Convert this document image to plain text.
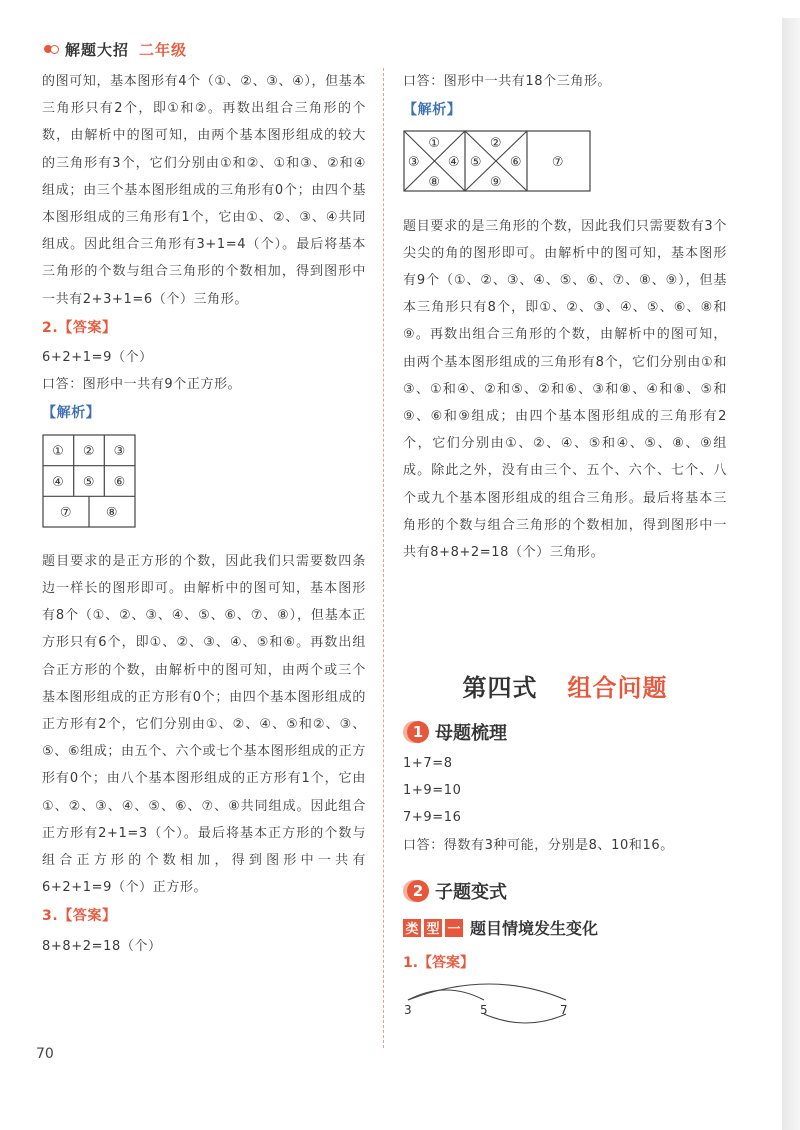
解题大招 二年级

的图可知，基本图形有4个（①、②、③、④），但基本三角形只有2个，即①和②。再数出组合三角形的个数，由解析中的图可知，由两个基本图形组成的较大的三角形有3个，它们分别由①和②、①和③、②和④组成；由三个基本图形组成的三角形有0个；由四个基本图形组成的三角形有1个，它由①、②、③、④共同组成。因此组合三角形有3+1=4（个）。最后将基本三角形的个数与组合三角形的个数相加，得到图形中一共有2+3+1=6（个）三角形。

2.【答案】
6+2+1=9（个）
口答：图形中一共有9个正方形。
【解析】
① ② ③
④ ⑤ ⑥
⑦	⑧

题目要求的是正方形的个数，因此我们只需要数四条边一样长的图形即可。由解析中的图可知，基本图形有8个（①、②、③、④、⑤、⑥、⑦、⑧），但基本正方形只有6个，即①、②、③、④、⑤和⑥。再数出组合正方形的个数，由解析中的图可知，由两个或三个基本图形组成的正方形有0个；由四个基本图形组成的正方形有2个，它们分别由①、②、④、⑤和②、③、⑤、⑥组成；由五个、六个或七个基本图形组成的正方形有0个；由八个基本图形组成的正方形有1个，它由①、②、③、④、⑤、⑥、⑦、⑧共同组成。因此组合正方形有2+1=3（个）。最后将基本正方形的个数与组合正方形的个数相加，得到图形中一共有6+2+1=9（个）正方形。

3.【答案】
8+8+2=18（个）
口答：图形中一共有18个三角形。
【解析】
①	②
③ ④ ⑤ ⑥ ⑦
⑧	⑨

题目要求的是三角形的个数，因此我们只需要数有3个尖尖的角的图形即可。由解析中的图可知，基本图形有9个（①、②、③、④、⑤、⑥、⑦、⑧、⑨），但基本三角形只有8个，即①、②、③、④、⑤、⑥、⑧和⑨。再数出组合三角形的个数，由解析中的图可知，由两个基本图形组成的三角形有8个，它们分别由①和③、①和④、②和⑤、②和⑥、③和⑧、④和⑧、⑤和⑨、⑥和⑨组成；由四个基本图形组成的三角形有2个，它们分别由①、②、④、⑤和④、⑤、⑧、⑨组成。除此之外，没有由三个、五个、六个、七个、八个或九个基本图形组成的组合三角形。最后将基本三角形的个数与组合三角形的个数相加，得到图形中一共有8+8+2=18（个）三角形。

第四式 组合问题
1 母题梳理
1+7=8
1+9=10
7+9=16
口答：得数有3种可能，分别是8、10和16。
2 子题变式
类 型 一 题目情境发生变化
1.【答案】
3	5	7
70
